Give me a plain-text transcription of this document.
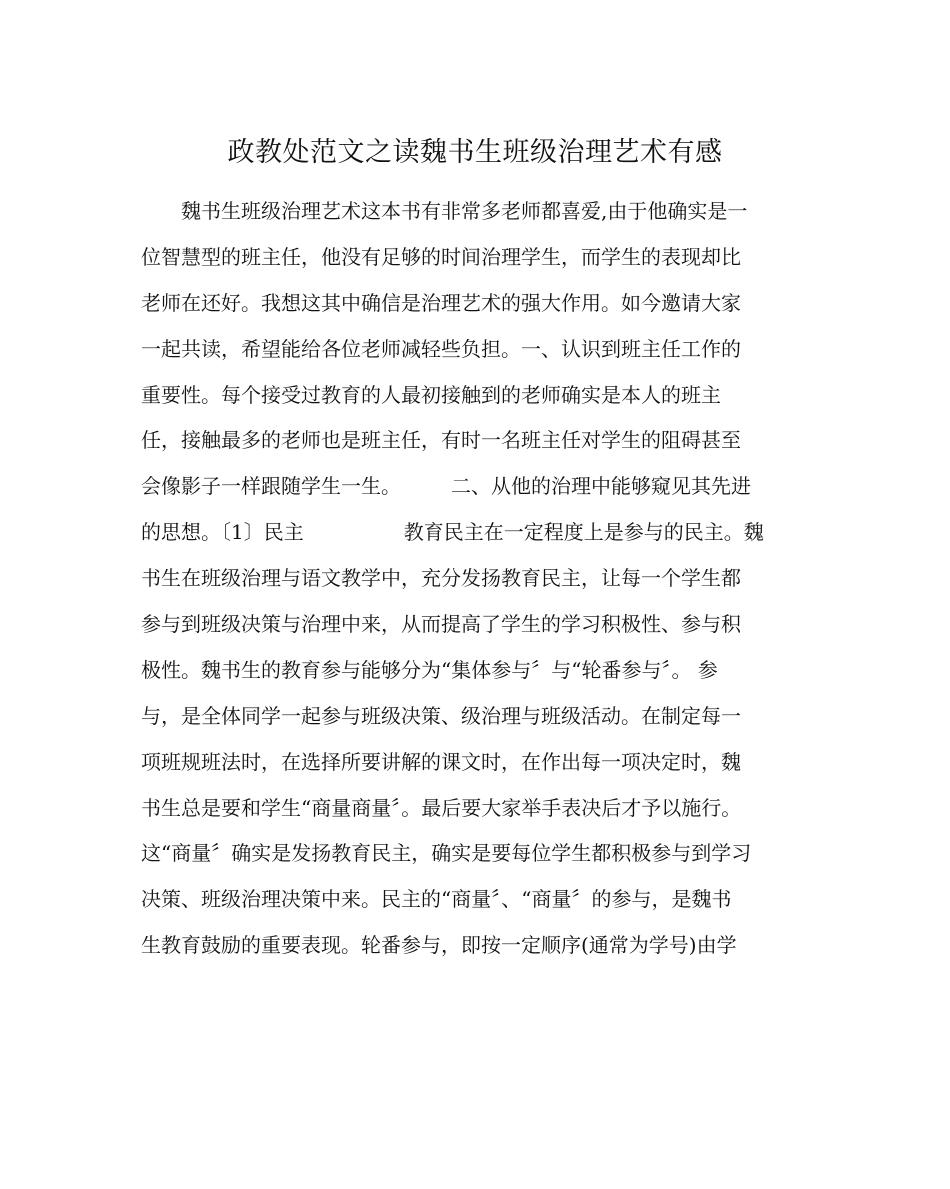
政教处范文之读魏书生班级治理艺术有感
　　魏书生班级治理艺术这本书有非常多老师都喜爱,由于他确实是一
位智慧型的班主任，他没有足够的时间治理学生，而学生的表现却比
老师在还好。我想这其中确信是治理艺术的强大作用。如今邀请大家
一起共读，希望能给各位老师减轻些负担。一、认识到班主任工作的
重要性。每个接受过教育的人最初接触到的老师确实是本人的班主
任，接触最多的老师也是班主任，有时一名班主任对学生的阻碍甚至
会像影子一样跟随学生一生。　　　二、从他的治理中能够窥见其先进
的思想。〔1〕民主　　　　　教育民主在一定程度上是参与的民主。魏
书生在班级治理与语文教学中，充分发扬教育民主，让每一个学生都
参与到班级决策与治理中来，从而提高了学生的学习积极性、参与积
极性。魏书生的教育参与能够分为“集体参与〞与“轮番参与〞。 参
与，是全体同学一起参与班级决策、级治理与班级活动。在制定每一
项班规班法时，在选择所要讲解的课文时，在作出每一项决定时，魏
书生总是要和学生“商量商量〞。最后要大家举手表决后才予以施行。
这“商量〞确实是发扬教育民主，确实是要每位学生都积极参与到学习
决策、班级治理决策中来。民主的“商量〞、“商量〞的参与，是魏书
生教育鼓励的重要表现。轮番参与，即按一定顺序(通常为学号)由学
